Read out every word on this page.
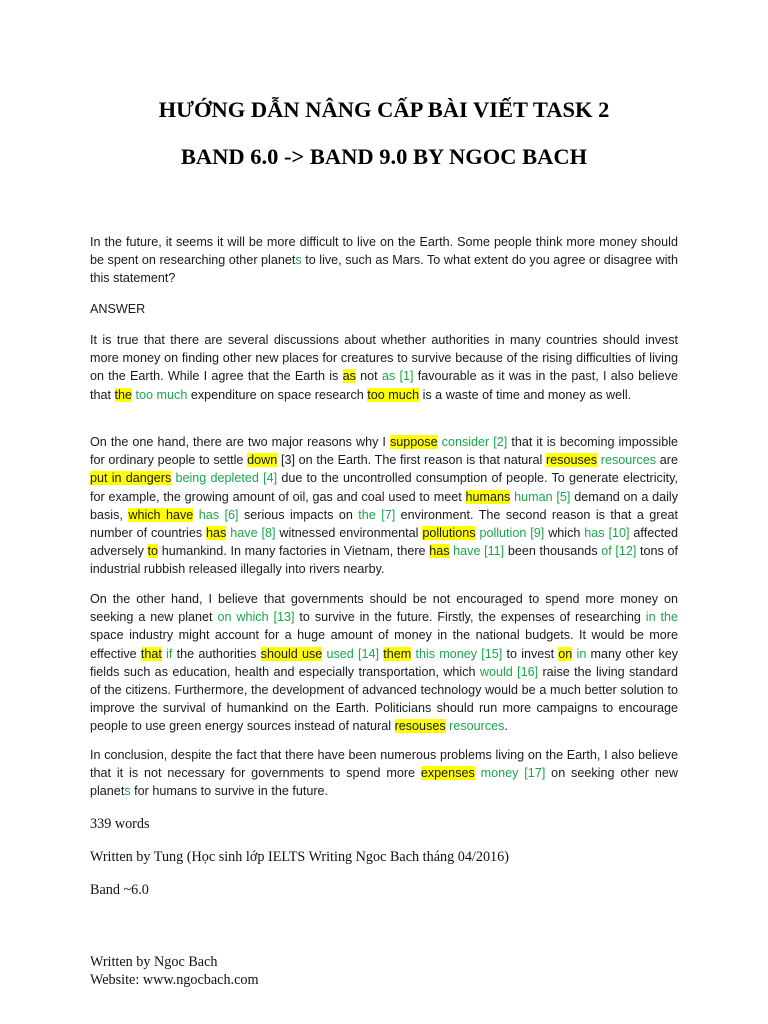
HƯỚNG DẪN NÂNG CẤP BÀI VIẾT TASK 2
BAND 6.0 -> BAND 9.0 BY NGOC BACH

In the future, it seems it will be more difficult to live on the Earth. Some people think more money should be spent on researching other planets to live, such as Mars. To what extent do you agree or disagree with this statement?

ANSWER

It is true that there are several discussions about whether authorities in many countries should invest more money on finding other new places for creatures to survive because of the rising difficulties of living on the Earth. While I agree that the Earth is as not as [1] favourable as it was in the past, I also believe that the too much expenditure on space research too much is a waste of time and money as well.

On the one hand, there are two major reasons why I suppose consider [2] that it is becoming impossible for ordinary people to settle down [3] on the Earth. The first reason is that natural resouses resources are put in dangers being depleted [4] due to the uncontrolled consumption of people. To generate electricity, for example, the growing amount of oil, gas and coal used to meet humans human [5] demand on a daily basis, which have has [6] serious impacts on the [7] environment. The second reason is that a great number of countries has have [8] witnessed environmental pollutions pollution [9] which has [10] affected adversely to humankind. In many factories in Vietnam, there has have [11] been thousands of [12] tons of industrial rubbish released illegally into rivers nearby.

On the other hand, I believe that governments should be not encouraged to spend more money on seeking a new planet on which [13] to survive in the future. Firstly, the expenses of researching in the space industry might account for a huge amount of money in the national budgets. It would be more effective that if the authorities should use used [14] them this money [15] to invest on in many other key fields such as education, health and especially transportation, which would [16] raise the living standard of the citizens. Furthermore, the development of advanced technology would be a much better solution to improve the survival of humankind on the Earth. Politicians should run more campaigns to encourage people to use green energy sources instead of natural resouses resources.

In conclusion, despite the fact that there have been numerous problems living on the Earth, I also believe that it is not necessary for governments to spend more expenses money [17] on seeking other new planets for humans to survive in the future.

339 words
Written by Tung (Học sinh lớp IELTS Writing Ngoc Bach tháng 04/2016)
Band ~6.0
Written by Ngoc Bach
Website: www.ngocbach.com
